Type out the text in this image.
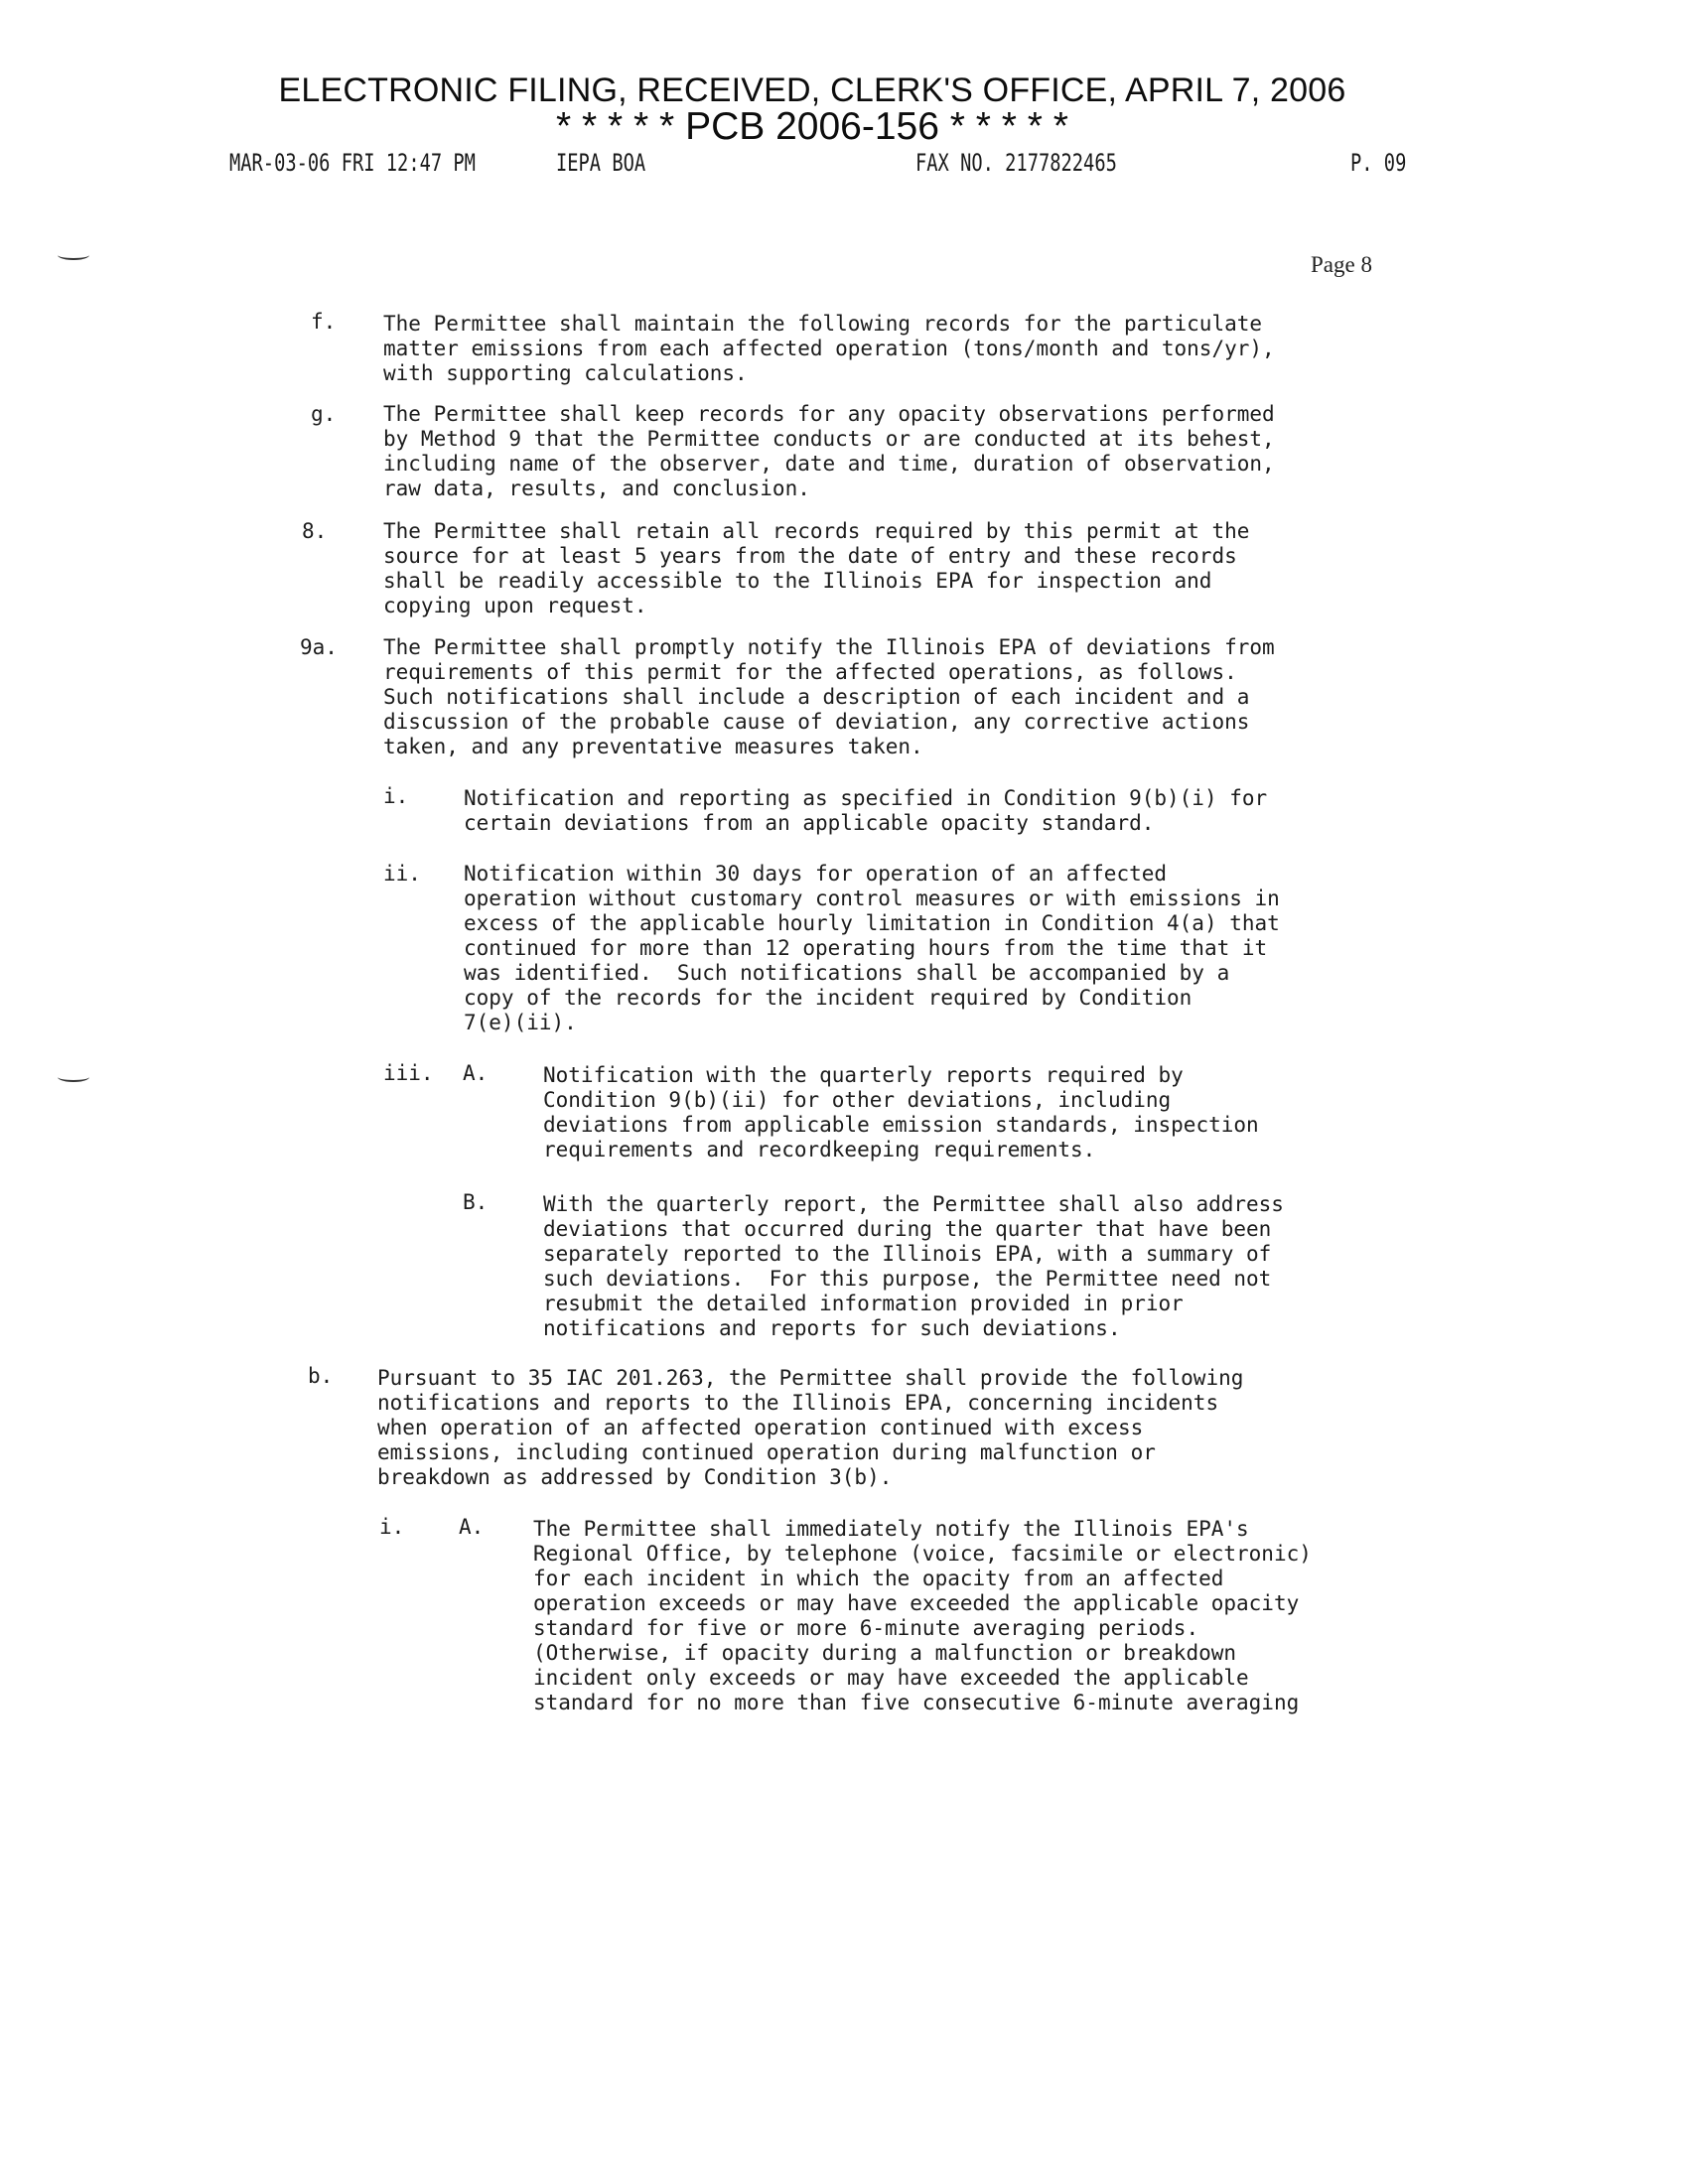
ELECTRONIC FILING, RECEIVED, CLERK'S OFFICE, APRIL 7, 2006
* * * * * PCB 2006-156 * * * * *
MAR-03-06 FRI 12:47 PM	IEPA BOA	FAX NO. 2177822465	P. 09
Page 8
f. The Permittee shall maintain the following records for the particulate
matter emissions from each affected operation (tons/month and tons/yr),
with supporting calculations.
g. The Permittee shall keep records for any opacity observations performed
by Method 9 that the Permittee conducts or are conducted at its behest,
including name of the observer, date and time, duration of observation,
raw data, results, and conclusion.
8.	The Permittee shall retain all records required by this permit at the
source for at least 5 years from the date of entry and these records
shall be readily accessible to the Illinois EPA for inspection and
copying upon request.
9a. The Permittee shall promptly notify the Illinois EPA of deviations from
requirements of this permit for the affected operations, as follows.
Such notifications shall include a description of each incident and a
discussion of the probable cause of deviation, any corrective actions
taken, and any preventative measures taken.
i.	Notification and reporting as specified in Condition 9(b)(i) for
certain deviations from an applicable opacity standard.
ii. Notification within 30 days for operation of an affected
operation without customary control measures or with emissions in
excess of the applicable hourly limitation in Condition 4(a) that
continued for more than 12 operating hours from the time that it
was identified.  Such notifications shall be accompanied by a
copy of the records for the incident required by Condition
7(e)(ii).
iii. A.	Notification with the quarterly reports required by
Condition 9(b)(ii) for other deviations, including
deviations from applicable emission standards, inspection
requirements and recordkeeping requirements.
B.	With the quarterly report, the Permittee shall also address
deviations that occurred during the quarter that have been
separately reported to the Illinois EPA, with a summary of
such deviations.  For this purpose, the Permittee need not
resubmit the detailed information provided in prior
notifications and reports for such deviations.
b. Pursuant to 35 IAC 201.263, the Permittee shall provide the following
notifications and reports to the Illinois EPA, concerning incidents
when operation of an affected operation continued with excess
emissions, including continued operation during malfunction or
breakdown as addressed by Condition 3(b).
i.	A. The Permittee shall immediately notify the Illinois EPA's
Regional Office, by telephone (voice, facsimile or electronic)
for each incident in which the opacity from an affected
operation exceeds or may have exceeded the applicable opacity
standard for five or more 6-minute averaging periods.
(Otherwise, if opacity during a malfunction or breakdown
incident only exceeds or may have exceeded the applicable
standard for no more than five consecutive 6-minute averaging
